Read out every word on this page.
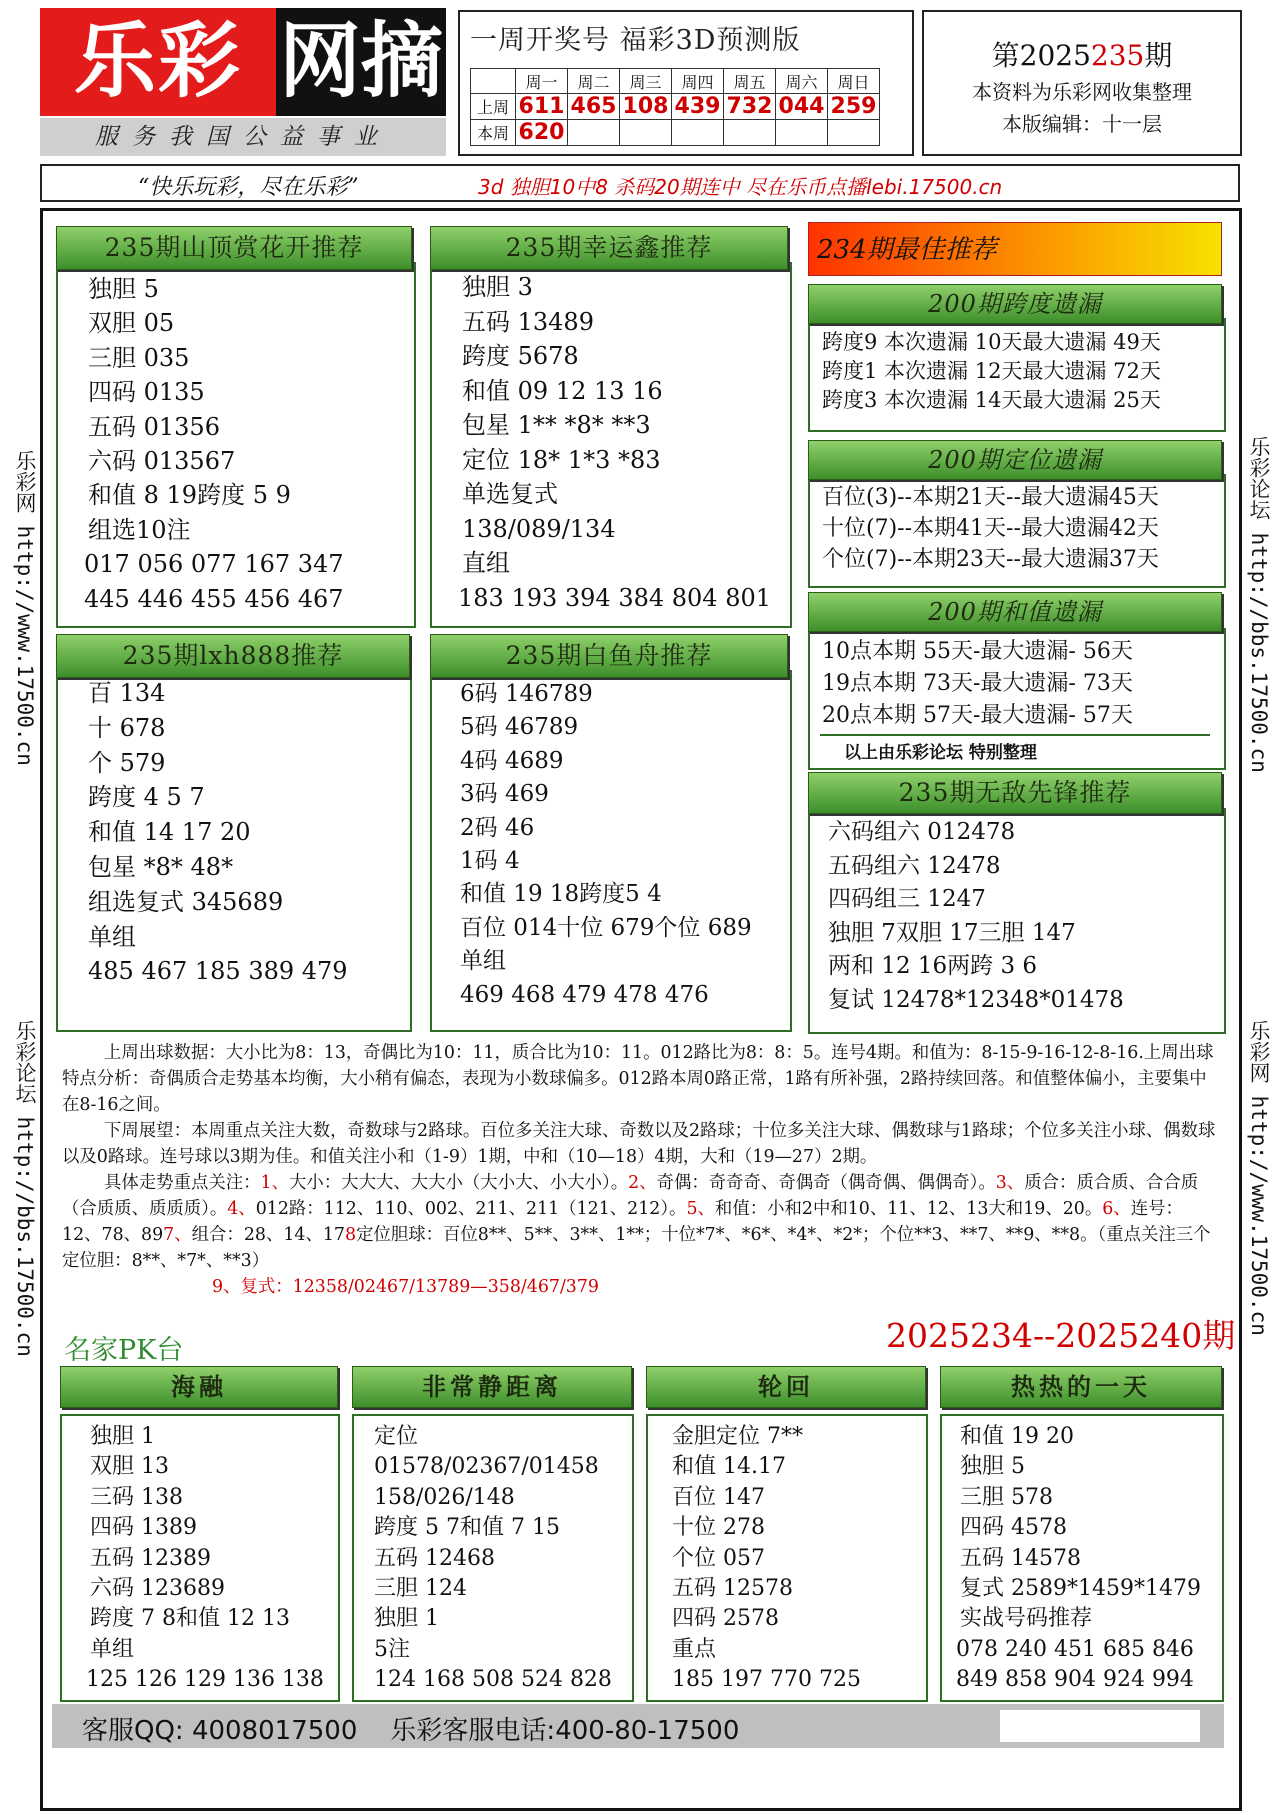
乐彩 网摘
服务我国公益事业
一周开奖号 福彩3D预测版
	周一	周二	周三	周四	周五	周六	周日
上周	611	465	108	439	732	044	259
本周	620						
第2025235期
本资料为乐彩网收集整理
本版编辑：十一层
“快乐玩彩，尽在乐彩”	3d 独胆10中8 杀码20期连中 尽在乐币点播lebi.17500.cn
乐彩网 http://www.17500.cn
乐彩论坛 http://bbs.17500.cn
乐彩论坛 http://bbs.17500.cn
乐彩网 http://www.17500.cn
独胆 5
双胆 05
三胆 035
四码 0135
五码 01356
六码 013567
和值 8 19跨度 5 9
组选10注
017 056 077 167 347
445 446 455 456 467
235期山顶赏花开推荐
独胆 3
五码 13489
跨度 5678
和值 09 12 13 16
包星 1** *8* **3
定位 18* 1*3 *83
单选复式
138/089/134
直组
183 193 394 384 804 801
235期幸运鑫推荐
百 134
十 678
个 579
跨度 4 5 7
和值 14 17 20
包星 *8* 48*
组选复式 345689
单组
485 467 185 389 479
235期lxh888推荐
6码 146789
5码 46789
4码 4689
3码 469
2码 46
1码 4
和值 19 18跨度5 4
百位 014十位 679个位 689
单组
469 468 479 478 476
235期白鱼舟推荐
234期最佳推荐
跨度9 本次遗漏 10天最大遗漏 49天
跨度1 本次遗漏 12天最大遗漏 72天
跨度3 本次遗漏 14天最大遗漏 25天
200期跨度遗漏
百位(3)--本期21天--最大遗漏45天
十位(7)--本期41天--最大遗漏42天
个位(7)--本期23天--最大遗漏37天
200期定位遗漏
10点本期 55天-最大遗漏- 56天
19点本期 73天-最大遗漏- 73天
20点本期 57天-最大遗漏- 57天
以上由乐彩论坛 特别整理
200期和值遗漏
六码组六 012478
五码组六 12478
四码组三 1247
独胆 7双胆 17三胆 147
两和 12 16两跨 3 6
复试 12478*12348*01478
235期无敌先锋推荐

上周出球数据：大小比为8：13，奇偶比为10：11，质合比为10：11。012路比为8：8：5。连号4期。和值为：8-15-9-16-12-8-16.上周出球特点分析：奇偶质合走势基本均衡，大小稍有偏态，表现为小数球偏多。012路本周0路正常，1路有所补强，2路持续回落。和值整体偏小，主要集中在8-16之间。

下周展望：本周重点关注大数，奇数球与2路球。百位多关注大球、奇数以及2路球；十位多关注大球、偶数球与1路球；个位多关注小球、偶数球以及0路球。连号球以3期为佳。和值关注小和（1-9）1期，中和（10—18）4期，大和（19—27）2期。

具体走势重点关注：1、大小：大大大、大大小（大小大、小大小）。2、奇偶：奇奇奇、奇偶奇（偶奇偶、偶偶奇）。3、质合：质合质、合合质（合质质、质质质）。4、012路：112、110、002、211、211（121、212）。5、和值：小和2中和10、11、12、13大和19、20。6、连号：12、78、897、组合：28、14、178定位胆球：百位8**、5**、3**、1**；十位*7*、*6*、*4*、*2*；个位**3、**7、**9、**8。（重点关注三个定位胆：8**、*7*、**3）

9、复式：12358/02467/13789—358/467/379

名家PK台	2025234--2025240期
海融
独胆 1
双胆 13
三码 138
四码 1389
五码 12389
六码 123689
跨度 7 8和值 12 13
单组
125 126 129 136 138
非常静距离
定位
01578/02367/01458
158/026/148
跨度 5 7和值 7 15
五码 12468
三胆 124
独胆 1
5注
124 168 508 524 828
轮回
金胆定位 7**
和值 14.17
百位 147
十位 278
个位 057
五码 12578
四码 2578
重点
185 197 770 725
热热的一天
和值 19 20
独胆 5
三胆 578
四码 4578
五码 14578
复式 2589*1459*1479
实战号码推荐
078 240 451 685 846
849 858 904 924 994
客服QQ: 4008017500    乐彩客服电话:400-80-17500
